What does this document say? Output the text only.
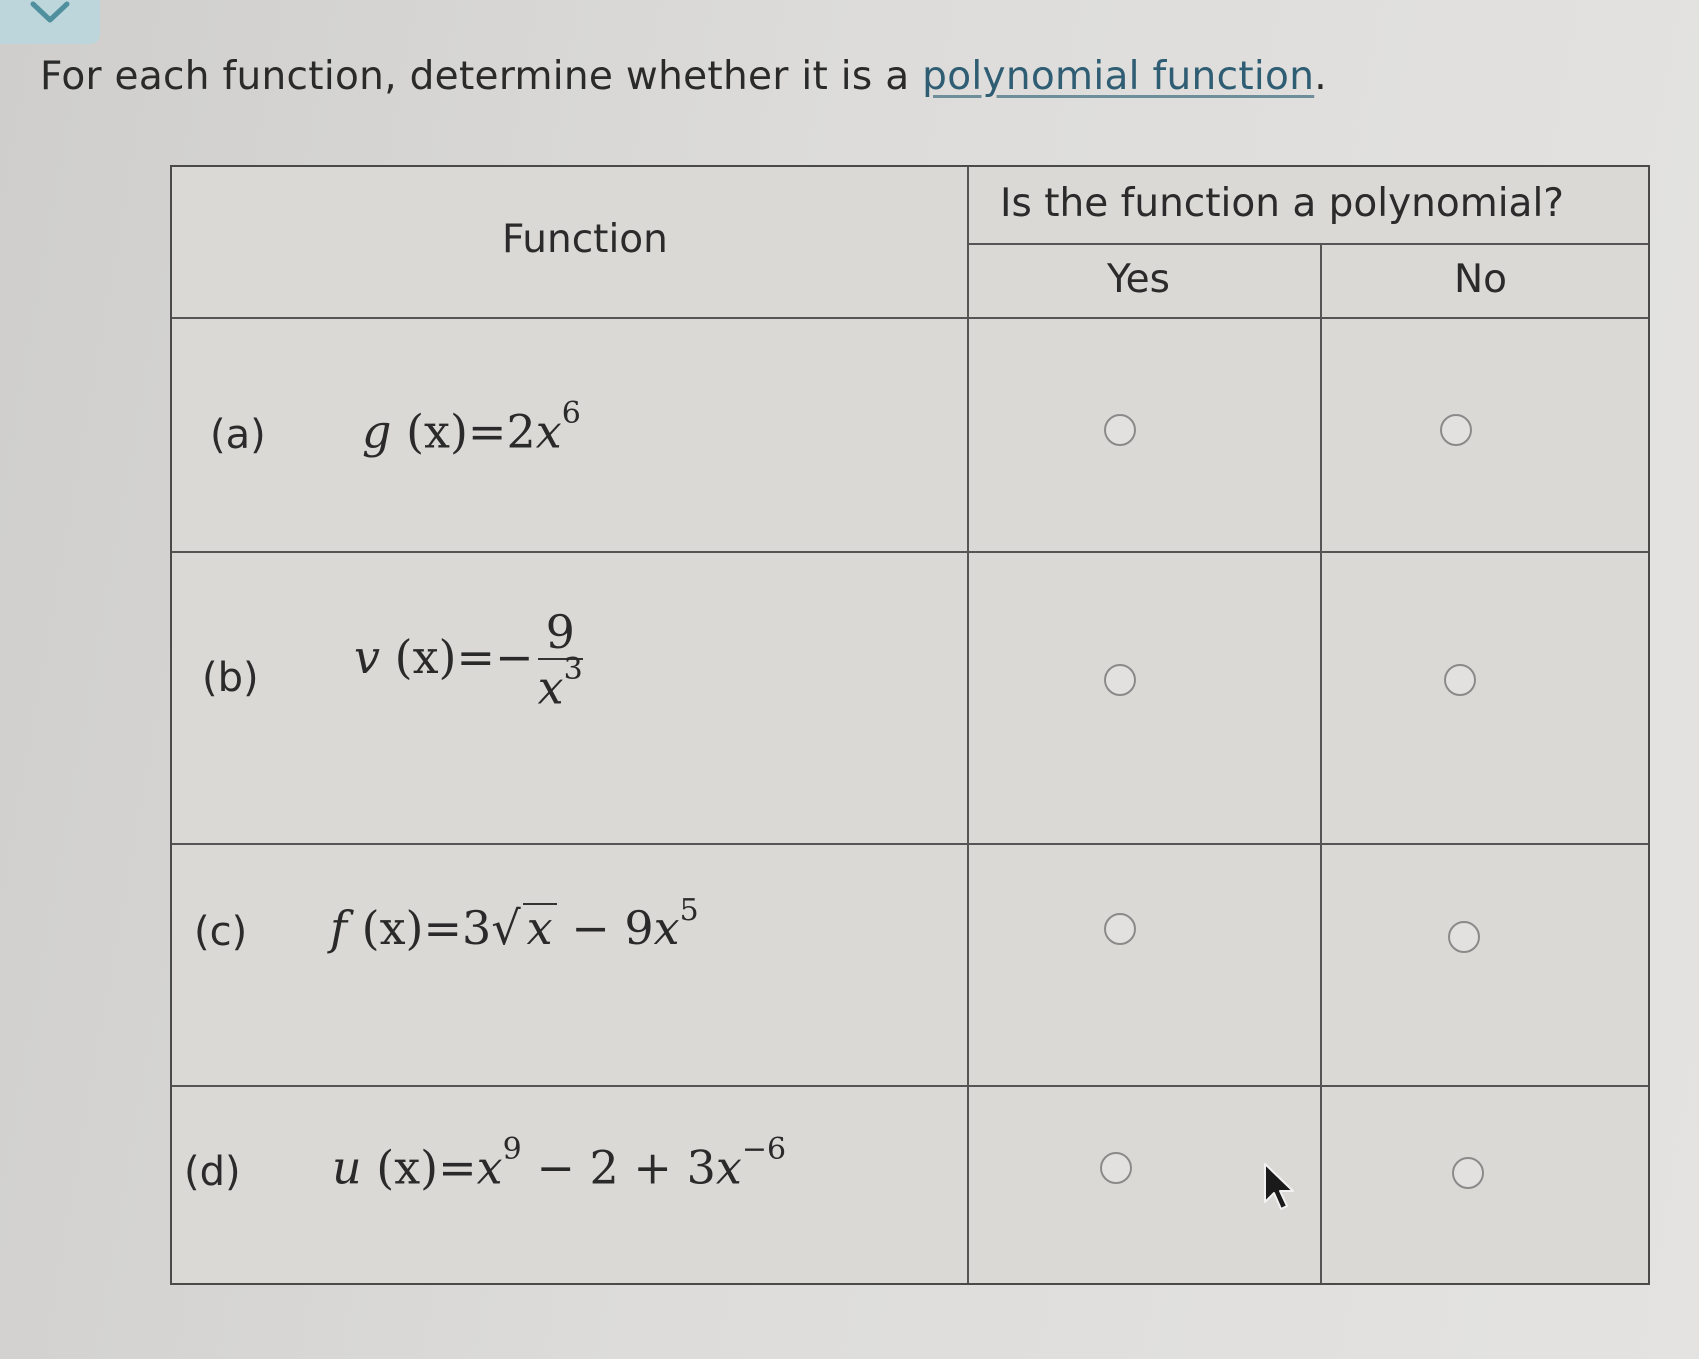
For each function, determine whether it is a polynomial function.
Function
Is the function a polynomial?
Yes	No
(a) g $(x)=2x^6$
(b) v $(x)=- \frac{9}{x^3}$
(c) f (x)=3√ $x - 9x^5$
(d) u $(x)=x^9 - 2 + 3x^{-6}$
